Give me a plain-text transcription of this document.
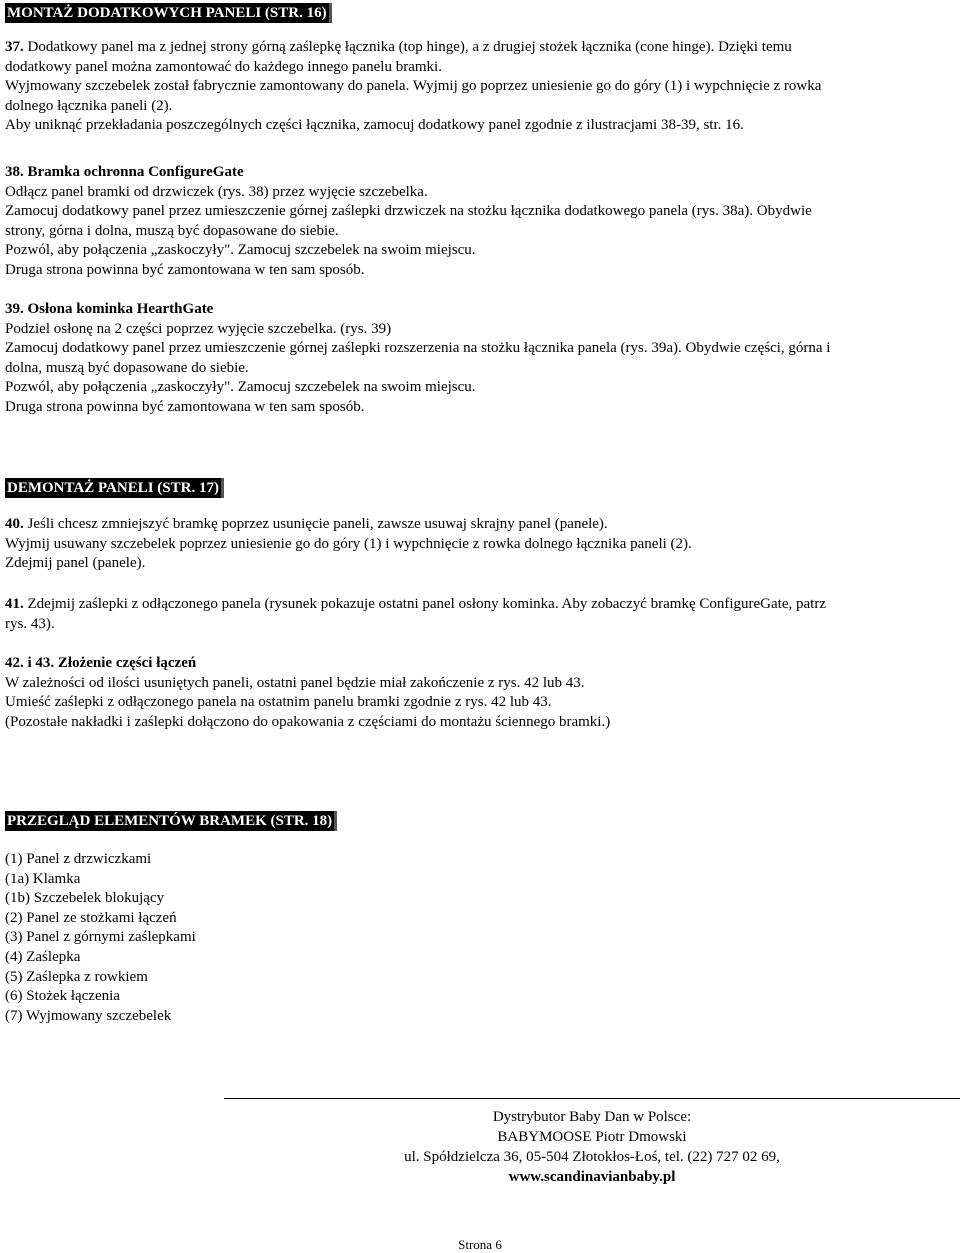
MONTAŻ DODATKOWYCH PANELI (STR. 16)
37. Dodatkowy panel ma z jednej strony górną zaślepkę łącznika (top hinge), a z drugiej stożek łącznika (cone hinge). Dzięki temu
dodatkowy panel można zamontować do każdego innego panelu bramki.
Wyjmowany szczebelek został fabrycznie zamontowany do panela. Wyjmij go poprzez uniesienie go do góry (1) i wypchnięcie z rowka
dolnego łącznika paneli (2).
Aby uniknąć przekładania poszczególnych części łącznika, zamocuj dodatkowy panel zgodnie z ilustracjami 38-39, str. 16.
38. Bramka ochronna ConfigureGate
Odłącz panel bramki od drzwiczek (rys. 38) przez wyjęcie szczebelka.
Zamocuj dodatkowy panel przez umieszczenie górnej zaślepki drzwiczek na stożku łącznika dodatkowego panela (rys. 38a). Obydwie
strony, górna i dolna, muszą być dopasowane do siebie.
Pozwól, aby połączenia „zaskoczyły". Zamocuj szczebelek na swoim miejscu.
Druga strona powinna być zamontowana w ten sam sposób.
39. Osłona kominka HearthGate
Podziel osłonę na 2 części poprzez wyjęcie szczebelka. (rys. 39)
Zamocuj dodatkowy panel przez umieszczenie górnej zaślepki rozszerzenia na stożku łącznika panela (rys. 39a). Obydwie części, górna i
dolna, muszą być dopasowane do siebie.
Pozwól, aby połączenia „zaskoczyły". Zamocuj szczebelek na swoim miejscu.
Druga strona powinna być zamontowana w ten sam sposób.
DEMONTAŻ PANELI (STR. 17)
40. Jeśli chcesz zmniejszyć bramkę poprzez usunięcie paneli, zawsze usuwaj skrajny panel (panele).
Wyjmij usuwany szczebelek poprzez uniesienie go do góry (1) i wypchnięcie z rowka dolnego łącznika paneli (2).
Zdejmij panel (panele).
41. Zdejmij zaślepki z odłączonego panela (rysunek pokazuje ostatni panel osłony kominka. Aby zobaczyć bramkę ConfigureGate, patrz
rys. 43).
42. i 43. Złożenie części łączeń
W zależności od ilości usuniętych paneli, ostatni panel będzie miał zakończenie z rys. 42 lub 43.
Umieść zaślepki z odłączonego panela na ostatnim panelu bramki zgodnie z rys. 42 lub 43.
(Pozostałe nakładki i zaślepki dołączono do opakowania z częściami do montażu ściennego bramki.)
PRZEGLĄD ELEMENTÓW BRAMEK (STR. 18)
(1) Panel z drzwiczkami
(1a) Klamka
(1b) Szczebelek blokujący
(2) Panel ze stożkami łączeń
(3) Panel z górnymi zaślepkami
(4) Zaślepka
(5) Zaślepka z rowkiem
(6) Stożek łączenia
(7) Wyjmowany szczebelek
Dystrybutor Baby Dan w Polsce:
BABYMOOSE Piotr Dmowski
ul. Spółdzielcza 36, 05-504 Złotokłos-Łoś, tel. (22) 727 02 69,
www.scandinavianbaby.pl
Strona 6
